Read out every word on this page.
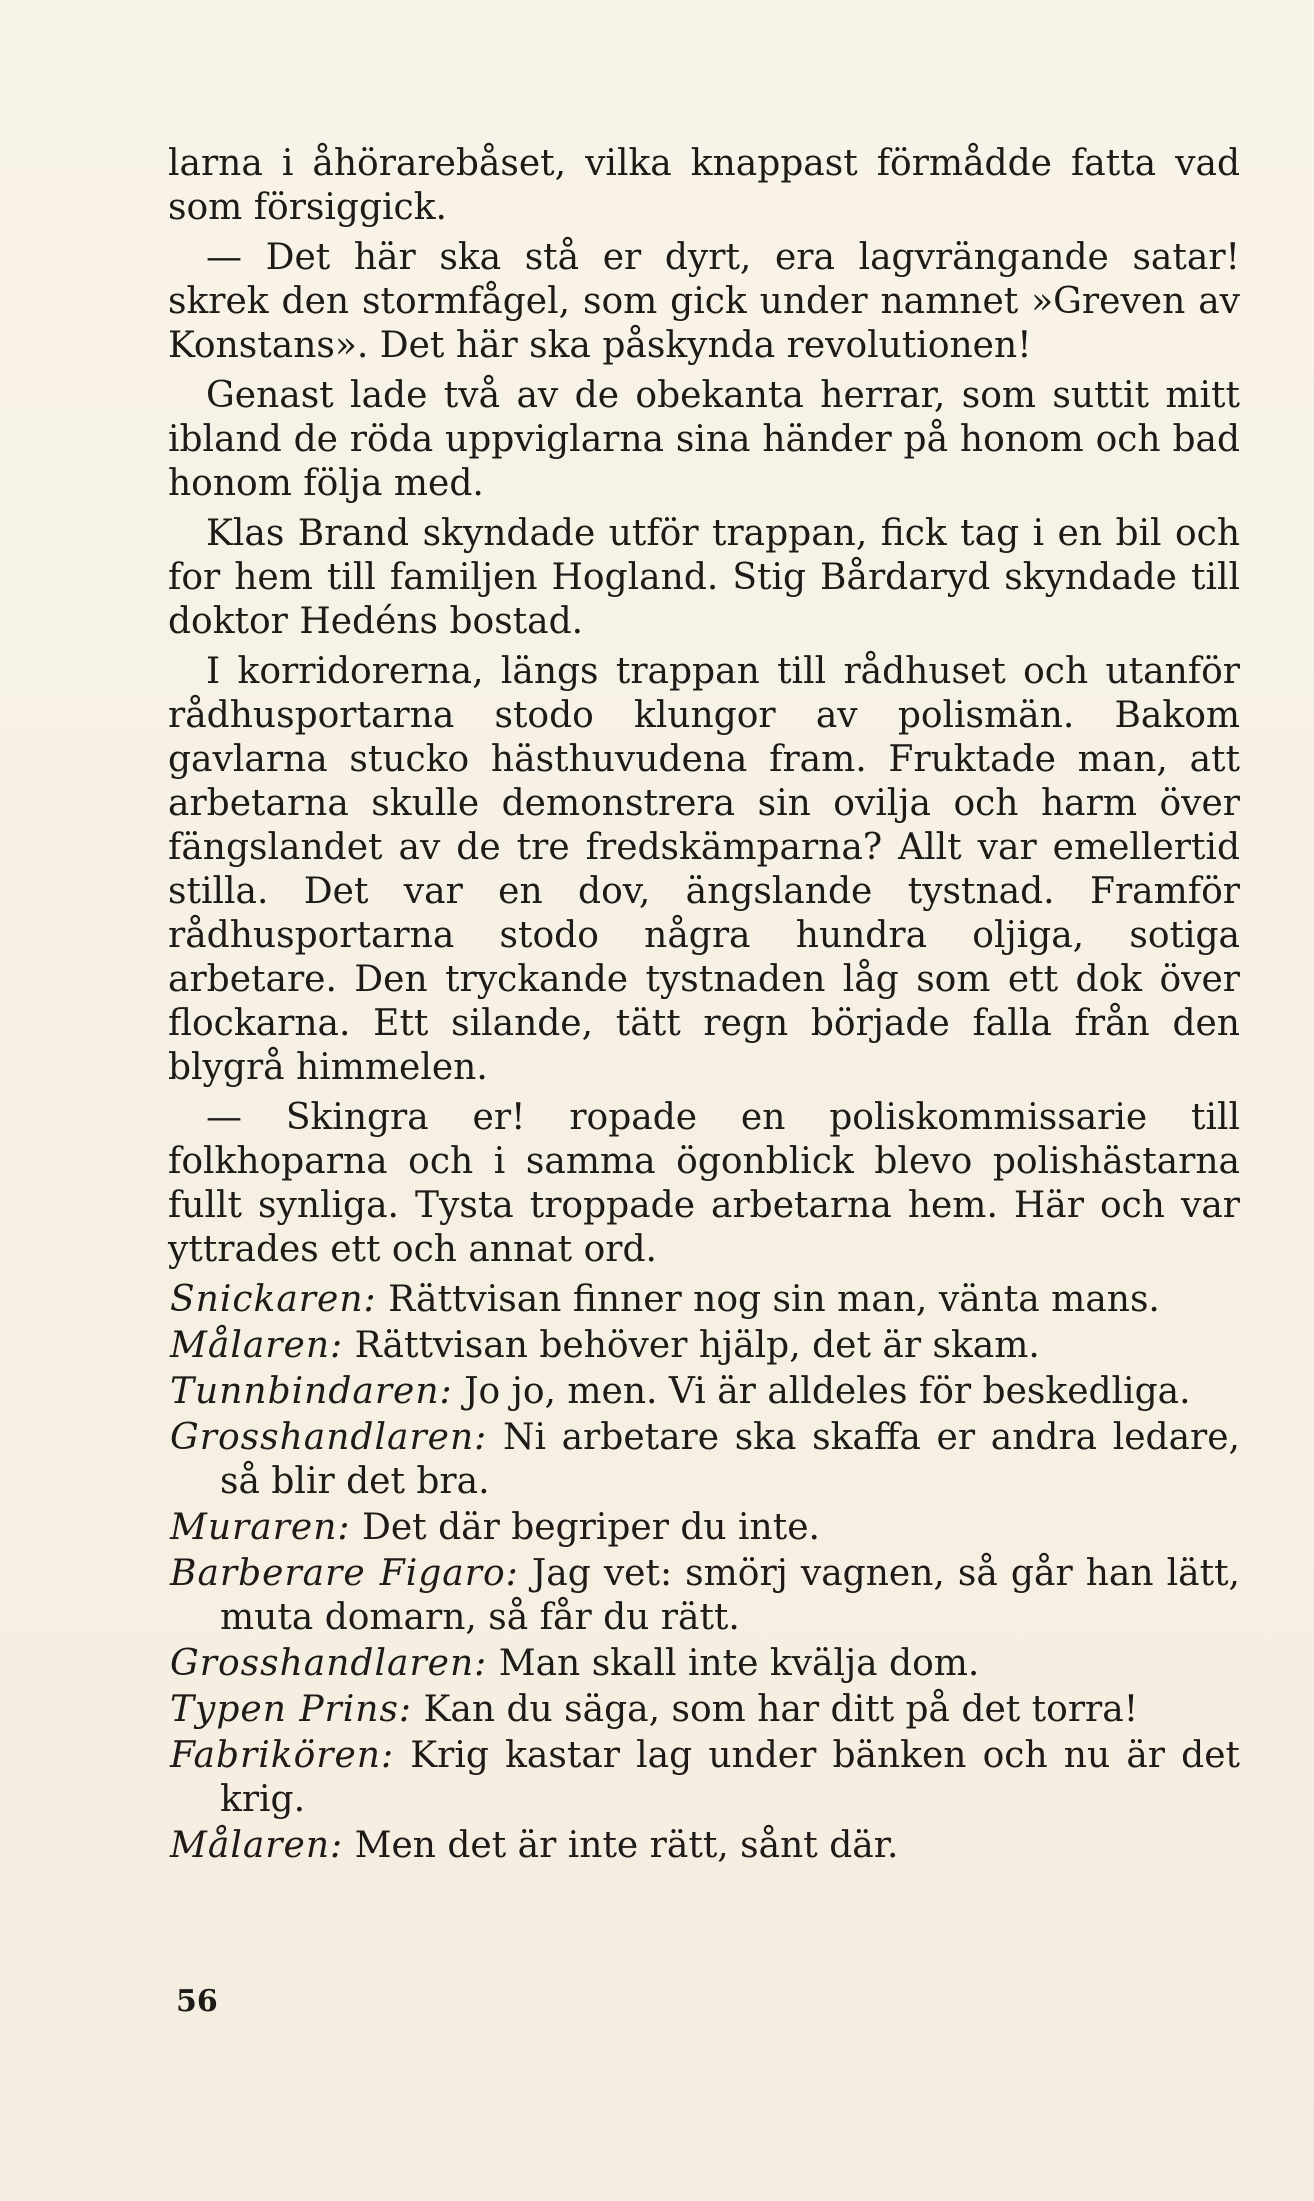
larna i åhörarebåset, vilka knappast förmådde fatta vad som försiggick.

— Det här ska stå er dyrt, era lagvrängande satar! skrek den stormfågel, som gick under namnet »Greven av Konstans». Det här ska påskynda revolutionen!

Genast lade två av de obekanta herrar, som suttit mitt ibland de röda uppviglarna sina händer på honom och bad honom följa med.

Klas Brand skyndade utför trappan, fick tag i en bil och for hem till familjen Hogland. Stig Bårdaryd skyndade till doktor Hedéns bostad.

I korridorerna, längs trappan till rådhuset och utanför rådhusportarna stodo klungor av polismän. Bakom gavlarna stucko hästhuvudena fram. Fruktade man, att arbetarna skulle demonstrera sin ovilja och harm över fängslandet av de tre fredskämparna? Allt var emellertid stilla. Det var en dov, ängslande tystnad. Framför rådhusportarna stodo några hundra oljiga, sotiga arbetare. Den tryckande tystnaden låg som ett dok över flockarna. Ett silande, tätt regn började falla från den blygrå himmelen.

— Skingra er! ropade en poliskommissarie till folkhoparna och i samma ögonblick blevo polishästarna fullt synliga. Tysta troppade arbetarna hem. Här och var yttrades ett och annat ord.

Snickaren: Rättvisan finner nog sin man, vänta mans.

Målaren: Rättvisan behöver hjälp, det är skam.

Tunnbindaren: Jo jo, men. Vi är alldeles för beskedliga.

Grosshandlaren: Ni arbetare ska skaffa er andra ledare, så blir det bra.

Muraren: Det där begriper du inte.

Barberare Figaro: Jag vet: smörj vagnen, så går han lätt, muta domarn, så får du rätt.

Grosshandlaren: Man skall inte kvälja dom.

Typen Prins: Kan du säga, som har ditt på det torra!

Fabrikören: Krig kastar lag under bänken och nu är det krig.

Målaren: Men det är inte rätt, sånt där.

56
